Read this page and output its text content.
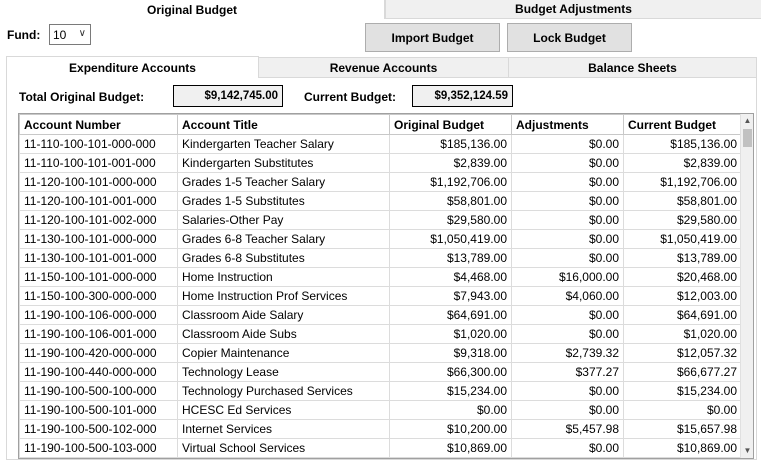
Original Budget	Budget Adjustments
Fund: 10 ∨	Import Budget	Lock Budget
Expenditure Accounts	Revenue Accounts	Balance Sheets
Total Original Budget:	$9,142,745.00	Current Budget:	$9,352,124.59
Account Number	Account Title	Original Budget	Adjustments	Current Budget
11-110-100-101-000-000	Kindergarten Teacher Salary	$185,136.00	$0.00	$185,136.00
11-110-100-101-001-000	Kindergarten Substitutes	$2,839.00	$0.00	$2,839.00
11-120-100-101-000-000	Grades 1-5 Teacher Salary	$1,192,706.00	$0.00	$1,192,706.00
11-120-100-101-001-000	Grades 1-5 Substitutes	$58,801.00	$0.00	$58,801.00
11-120-100-101-002-000	Salaries-Other Pay	$29,580.00	$0.00	$29,580.00
11-130-100-101-000-000	Grades 6-8 Teacher Salary	$1,050,419.00	$0.00	$1,050,419.00
11-130-100-101-001-000	Grades 6-8 Substitutes	$13,789.00	$0.00	$13,789.00
11-150-100-101-000-000	Home Instruction	$4,468.00	$16,000.00	$20,468.00
11-150-100-300-000-000	Home Instruction Prof Services	$7,943.00	$4,060.00	$12,003.00
11-190-100-106-000-000	Classroom Aide Salary	$64,691.00	$0.00	$64,691.00
11-190-100-106-001-000	Classroom Aide Subs	$1,020.00	$0.00	$1,020.00
11-190-100-420-000-000	Copier Maintenance	$9,318.00	$2,739.32	$12,057.32
11-190-100-440-000-000	Technology Lease	$66,300.00	$377.27	$66,677.27
11-190-100-500-100-000	Technology Purchased Services	$15,234.00	$0.00	$15,234.00
11-190-100-500-101-000	HCESC Ed Services	$0.00	$0.00	$0.00
11-190-100-500-102-000	Internet Services	$10,200.00	$5,457.98	$15,657.98
11-190-100-500-103-000	Virtual School Services	$10,869.00	$0.00	$10,869.00
▲
▼
